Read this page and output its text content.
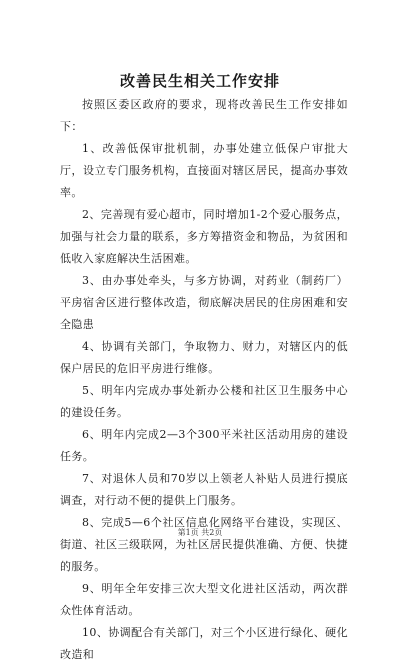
改善民生相关工作安排

按照区委区政府的要求，现将改善民生工作安排如下：

1、改善低保审批机制，办事处建立低保户审批大厅，设立专门服务机构，直接面对辖区居民，提高办事效率。

2、完善现有爱心超市，同时增加1-2个爱心服务点，加强与社会力量的联系，多方筹措资金和物品，为贫困和低收入家庭解决生活困难。

3、由办事处牵头，与多方协调，对药业（制药厂）平房宿舍区进行整体改造，彻底解决居民的住房困难和安全隐患

4、协调有关部门，争取物力、财力，对辖区内的低保户居民的危旧平房进行维修。

5、明年内完成办事处新办公楼和社区卫生服务中心的建设任务。

6、明年内完成2—3个300平米社区活动用房的建设任务。

7、对退休人员和70岁以上领老人补贴人员进行摸底调查，对行动不便的提供上门服务。

8、完成5—6个社区信息化网络平台建设，实现区、街道、社区三级联网，为社区居民提供准确、方便、快捷的服务。

9、明年全年安排三次大型文化进社区活动，两次群众性体育活动。

10、协调配合有关部门，对三个小区进行绿化、硬化改造和

第1页 共2页
